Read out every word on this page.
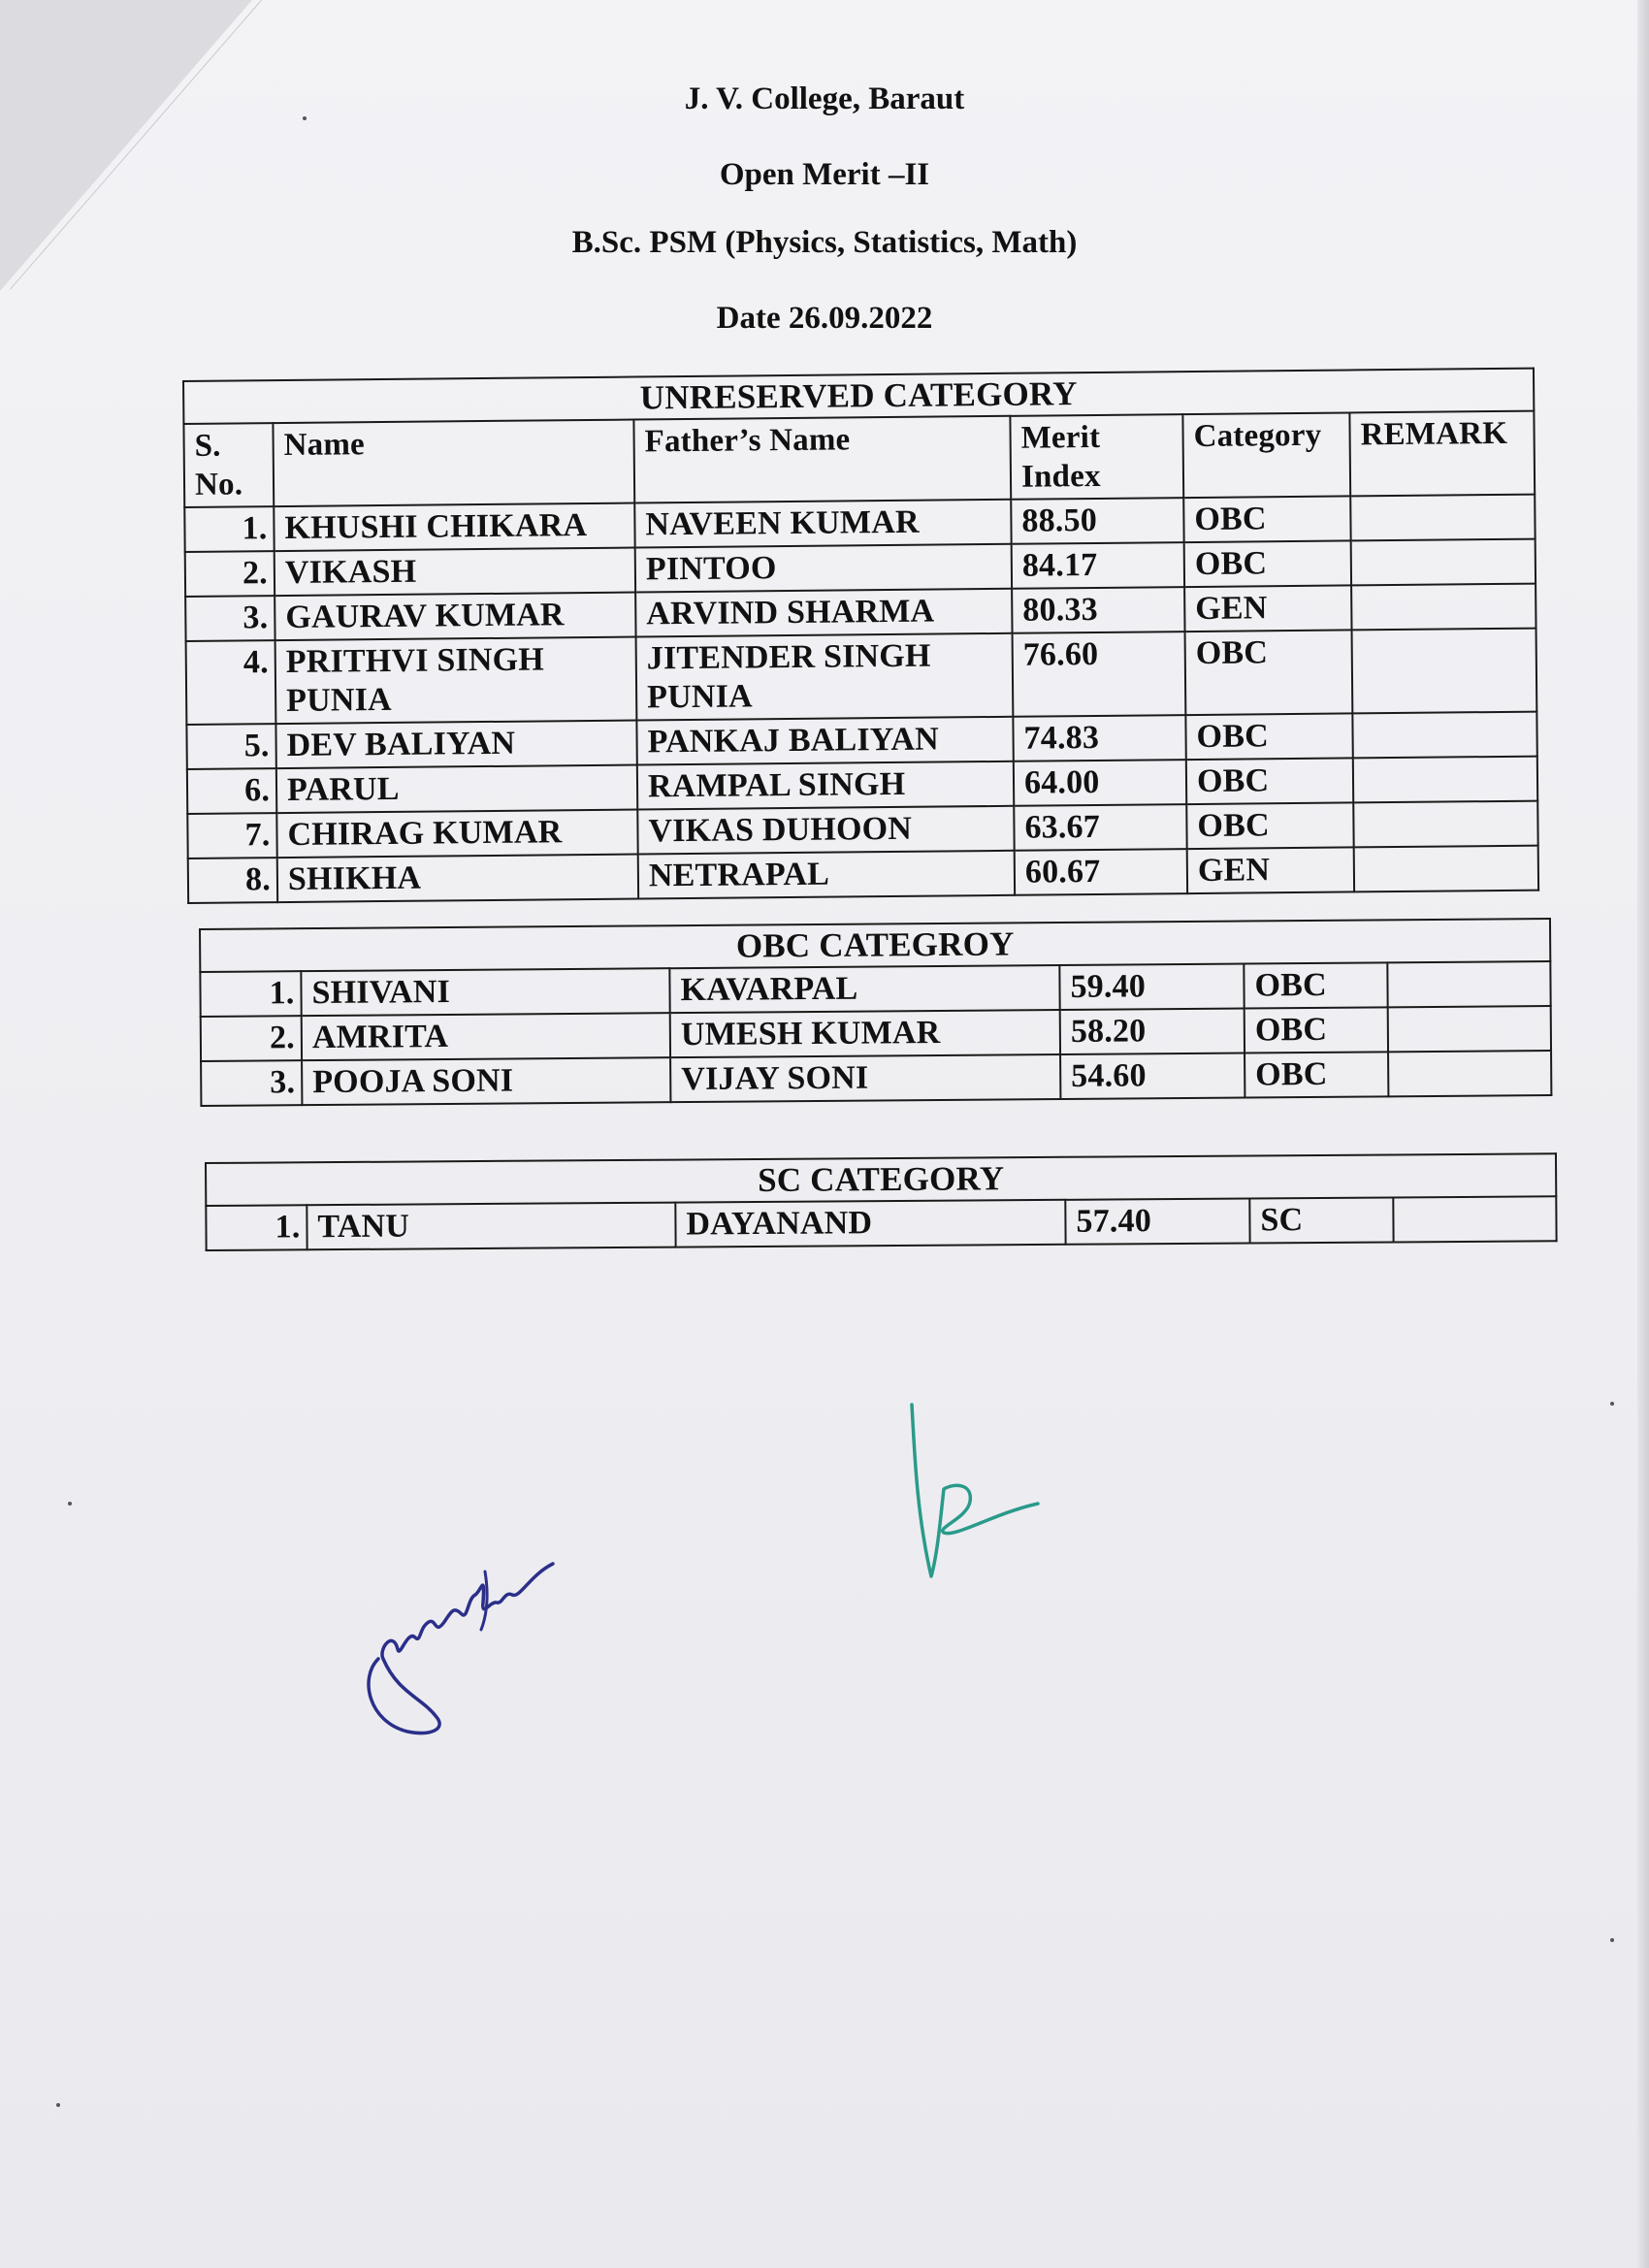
J. V. College, Baraut
Open Merit –II
B.Sc. PSM (Physics, Statistics, Math)
Date 26.09.2022
UNRESERVED CATEGORY					
S. No.	Name	Father’s Name	Merit Index	Category	REMARK
1.	KHUSHI CHIKARA	NAVEEN KUMAR	88.50	OBC	
2.	VIKASH	PINTOO	84.17	OBC	
3.	GAURAV KUMAR	ARVIND SHARMA	80.33	GEN	
4.	PRITHVI SINGH PUNIA	JITENDER SINGH PUNIA	76.60	OBC	
5.	DEV BALIYAN	PANKAJ BALIYAN	74.83	OBC	
6.	PARUL	RAMPAL SINGH	64.00	OBC	
7.	CHIRAG KUMAR	VIKAS DUHOON	63.67	OBC	
8.	SHIKHA	NETRAPAL	60.67	GEN	
OBC CATEGROY					
1.	SHIVANI	KAVARPAL	59.40	OBC	
2.	AMRITA	UMESH KUMAR	58.20	OBC	
3.	POOJA SONI	VIJAY SONI	54.60	OBC	
SC CATEGORY
1.	TANU	DAYANAND	57.40	SC	
